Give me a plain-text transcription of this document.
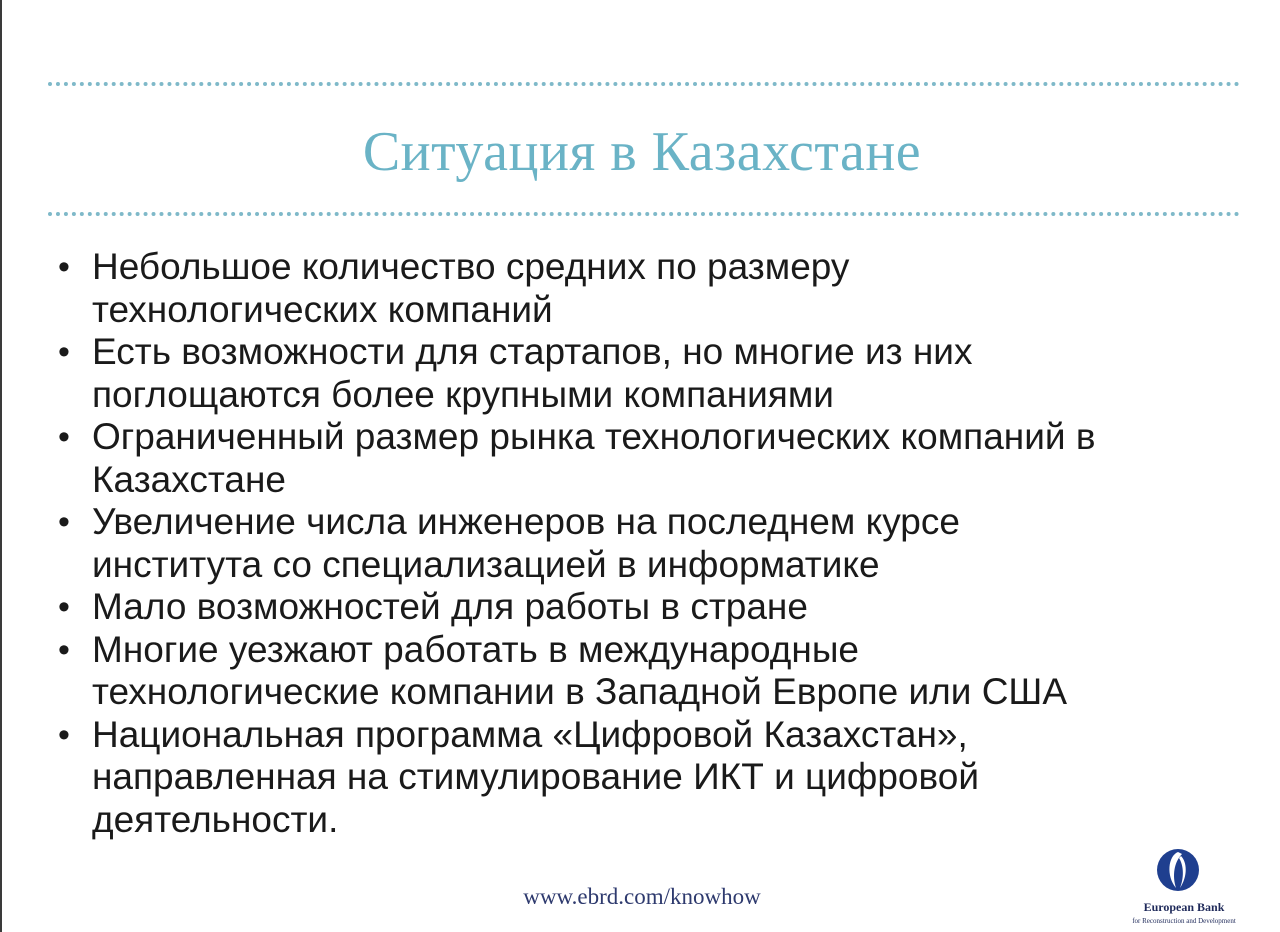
Ситуация в Казахстане
• Небольшое количество средних по размеру
технологических компаний
• Есть возможности для стартапов, но многие из них
поглощаются более крупными компаниями
• Ограниченный размер рынка технологических компаний в
Казахстане
• Увеличение числа инженеров на последнем курсе
института со специализацией в информатике
• Мало возможностей для работы в стране
• Многие уезжают работать в международные
технологические компании в Западной Европе или США
• Национальная программа «Цифровой Казахстан»,
направленная на стимулирование ИКТ и цифровой
деятельности.
www.ebrd.com/knowhow	European Bank
for Reconstruction and Development
